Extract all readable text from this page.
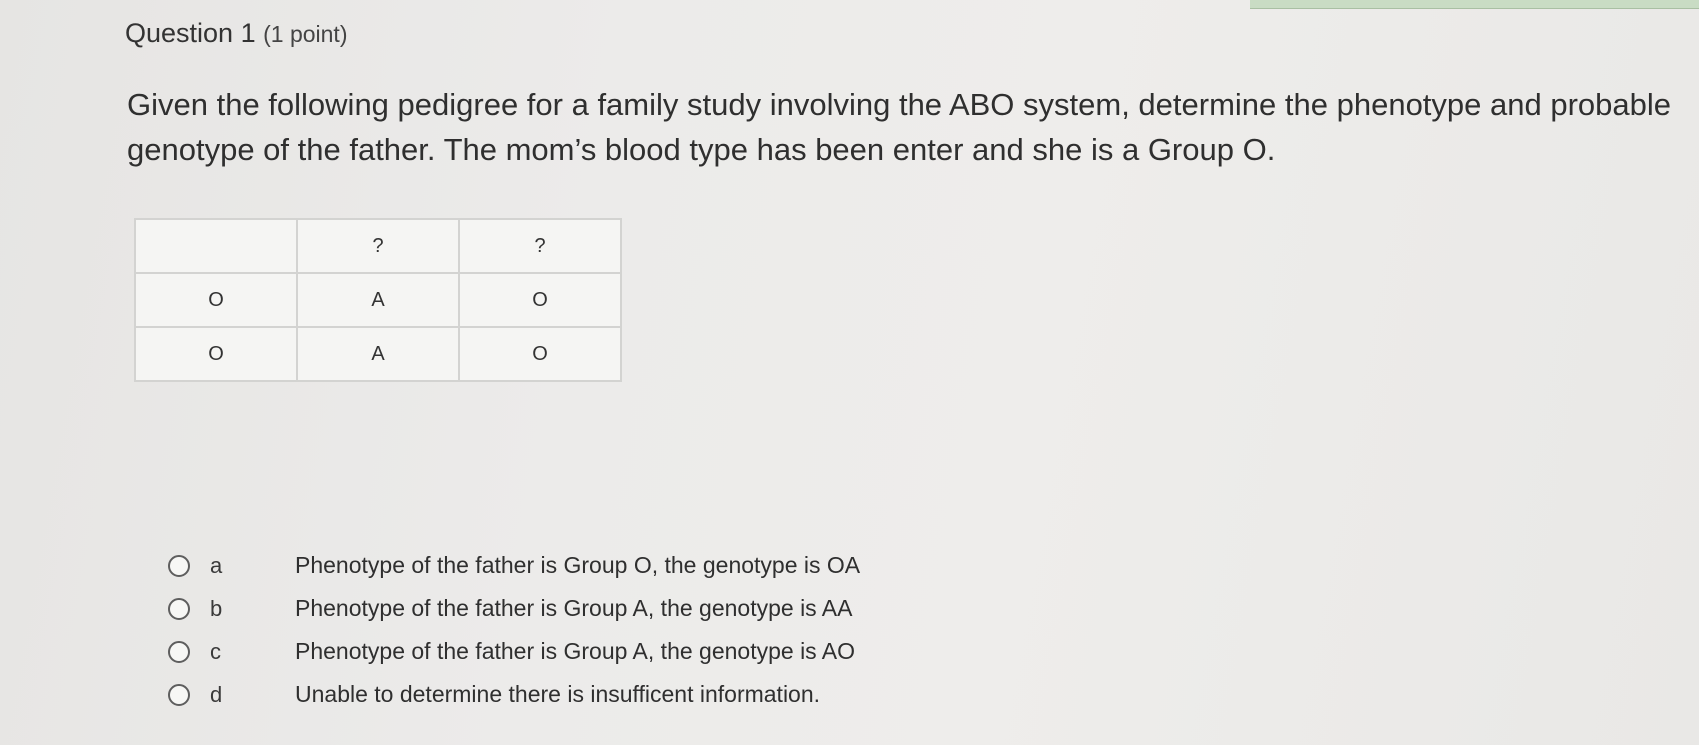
Question 1 (1 point)
Given the following pedigree for a family study involving the ABO system, determine the phenotype and probable genotype of the father. The mom’s blood type has been enter and she is a Group O.
	?	?
O	A	O
O	A	O
a	Phenotype of the father is Group O, the genotype is OA
b	Phenotype of the father is Group A, the genotype is AA
c	Phenotype of the father is Group A, the genotype is AO
d	Unable to determine there is insufficent information.
